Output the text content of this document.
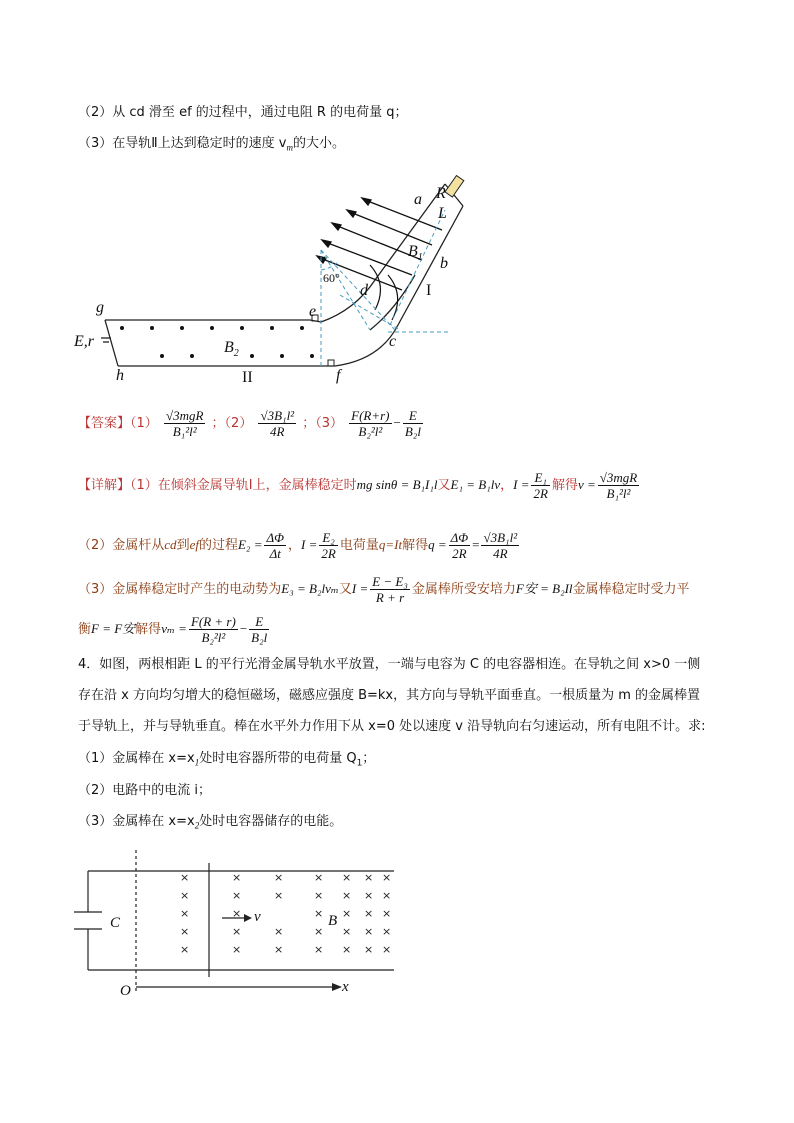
（2）从 cd 滑至 ef 的过程中，通过电阻 R 的电荷量 q；
（3）在导轨Ⅱ上达到稳定时的速度 $v_m$的大小。
R
L
a
b
$B_1$
60°
d	I
e
c
g
E,r	$B_2$
h	II	f
【答案】$(1) \frac{\text{√3mgR}}{\text{B₁²l²}}$ ；$(2) \frac{\text{√3B₁l²}}{4R}$ ；$(3) \frac{F(R+r)}{\text{B₂²l²}} - \frac{E}{\text{B₂l}}$
【详解】（1）在倾斜金属导轨Ⅰ上，金属棒稳定时mg sinθ = B₁I₁l又E₁ = B₁lv，$I = \frac{\text{E₁}}{2R}$ 解得$v = \frac{\text{√3mgR}}{\text{B₁²l²}}$
（2）金属杆从cd到ef的过程$E_2 = \frac{\Delta\Phi}{\Delta t}$ ，$I = \frac{\text{E₂}}{2R}$ 电荷量q=It解得$q = \frac{\Delta\Phi}{2R} = \frac{\text{√3B₁l²}}{4R}$
（3）金属棒稳定时产生的电动势为E₃ = B₂lvₘ又$I = \frac{\text{E − E₃}}{R + r}$ 金属棒所受安培力F安 = B₂Il金属棒稳定时受力平
衡F = F安解得$v_m = \frac{F(R + r)}{\text{B₂²l²}} - \frac{E}{\text{B₂l}}$
4．如图，两根相距 L 的平行光滑金属导轨水平放置，一端与电容为 C 的电容器相连。在导轨之间 x>0 一侧
存在沿 x 方向均匀增大的稳恒磁场，磁感应强度 B=kx，其方向与导轨平面垂直。一根质量为 m 的金属棒置
于导轨上，并与导轨垂直。棒在水平外力作用下从 x=0 处以速度 v 沿导轨向右匀速运动，所有电阻不计。求:
（1）金属棒在 $x=x_1$处时电容器所带的电荷量 $Q_1$；
（2）电路中的电流 i；
（3）金属棒在 $x=x_2$处时电容器储存的电能。
×
×
×
×
×
×
×
×
×
×
×
×
×
×
×
×
×
×
×
×
×
×
×
×
×
×
×
×
×
×
×
×
×
×
C	v	B
O	x
